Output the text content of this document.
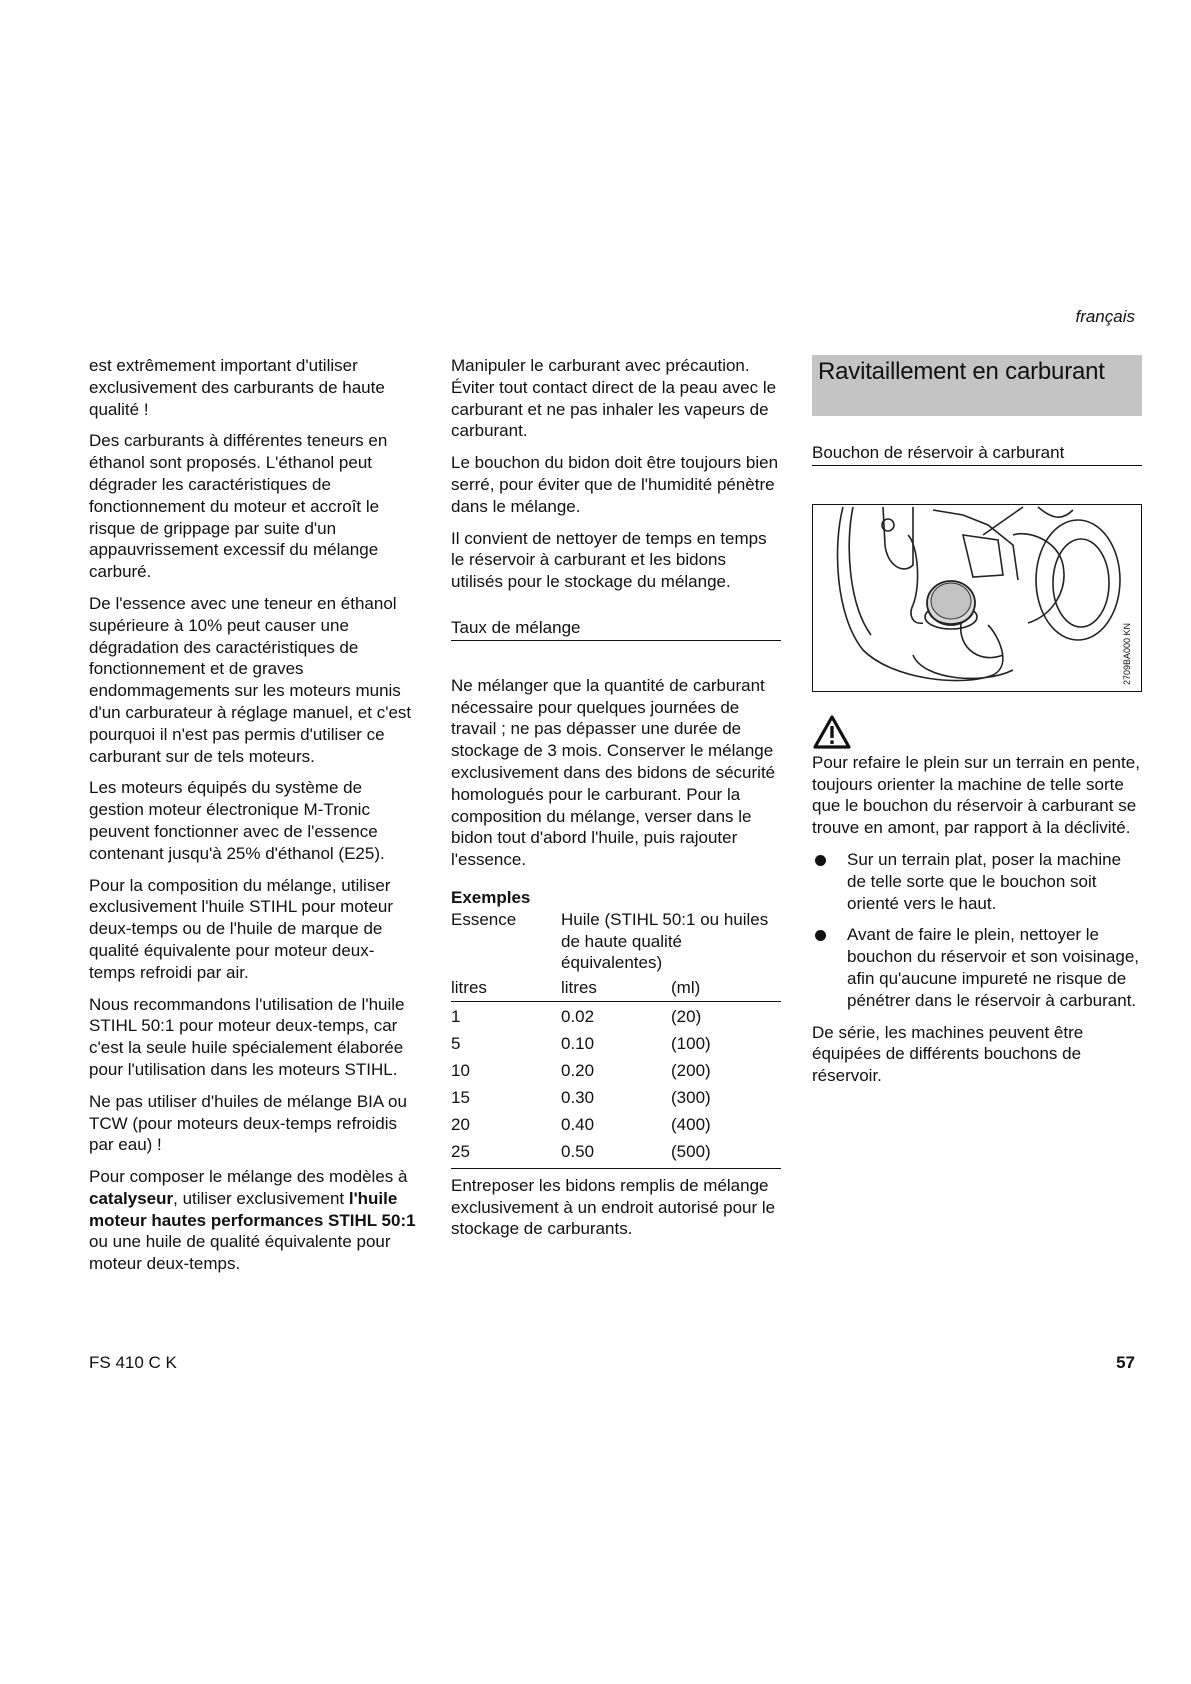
français

est extrêmement important d'utiliser exclusivement des carburants de haute qualité !

Des carburants à différentes teneurs en éthanol sont proposés. L'éthanol peut dégrader les caractéristiques de fonctionnement du moteur et accroît le risque de grippage par suite d'un appauvrissement excessif du mélange carburé.

De l'essence avec une teneur en éthanol supérieure à 10% peut causer une dégradation des caractéristiques de fonctionnement et de graves endommagements sur les moteurs munis d'un carburateur à réglage manuel, et c'est pourquoi il n'est pas permis d'utiliser ce carburant sur de tels moteurs.

Les moteurs équipés du système de gestion moteur électronique M-Tronic peuvent fonctionner avec de l'essence contenant jusqu'à 25% d'éthanol (E25).

Pour la composition du mélange, utiliser exclusivement l'huile STIHL pour moteur deux-temps ou de l'huile de marque de qualité équivalente pour moteur deux-temps refroidi par air.

Nous recommandons l'utilisation de l'huile STIHL 50:1 pour moteur deux-temps, car c'est la seule huile spécialement élaborée pour l'utilisation dans les moteurs STIHL.

Ne pas utiliser d'huiles de mélange BIA ou TCW (pour moteurs deux-temps refroidis par eau) !

Pour composer le mélange des modèles à catalyseur, utiliser exclusivement l'huile moteur hautes performances STIHL 50:1 ou une huile de qualité équivalente pour moteur deux-temps.

Manipuler le carburant avec précaution. Éviter tout contact direct de la peau avec le carburant et ne pas inhaler les vapeurs de carburant.

Le bouchon du bidon doit être toujours bien serré, pour éviter que de l'humidité pénètre dans le mélange.

Il convient de nettoyer de temps en temps le réservoir à carburant et les bidons utilisés pour le stockage du mélange.

Taux de mélange

Ne mélanger que la quantité de carburant nécessaire pour quelques journées de travail ; ne pas dépasser une durée de stockage de 3 mois. Conserver le mélange exclusivement dans des bidons de sécurité homologués pour le carburant. Pour la composition du mélange, verser dans le bidon tout d'abord l'huile, puis rajouter l'essence.

Exemples
Essence	Huile (STIHL 50:1 ou huiles de haute qualité équivalentes)	
litres	litres	(ml)
1	0.02	(20)
5	0.10	(100)
10	0.20	(200)
15	0.30	(300)
20	0.40	(400)
25	0.50	(500)

Entreposer les bidons remplis de mélange exclusivement à un endroit autorisé pour le stockage de carburants.

Ravitaillement en carburant
Bouchon de réservoir à carburant
2709BA000 KN

Pour refaire le plein sur un terrain en pente, toujours orienter la machine de telle sorte que le bouchon du réservoir à carburant se trouve en amont, par rapport à la déclivité.

Sur un terrain plat, poser la machine de telle sorte que le bouchon soit orienté vers le haut.
Avant de faire le plein, nettoyer le bouchon du réservoir et son voisinage, afin qu'aucune impureté ne risque de pénétrer dans le réservoir à carburant.

De série, les machines peuvent être équipées de différents bouchons de réservoir.

FS 410 C K	57
